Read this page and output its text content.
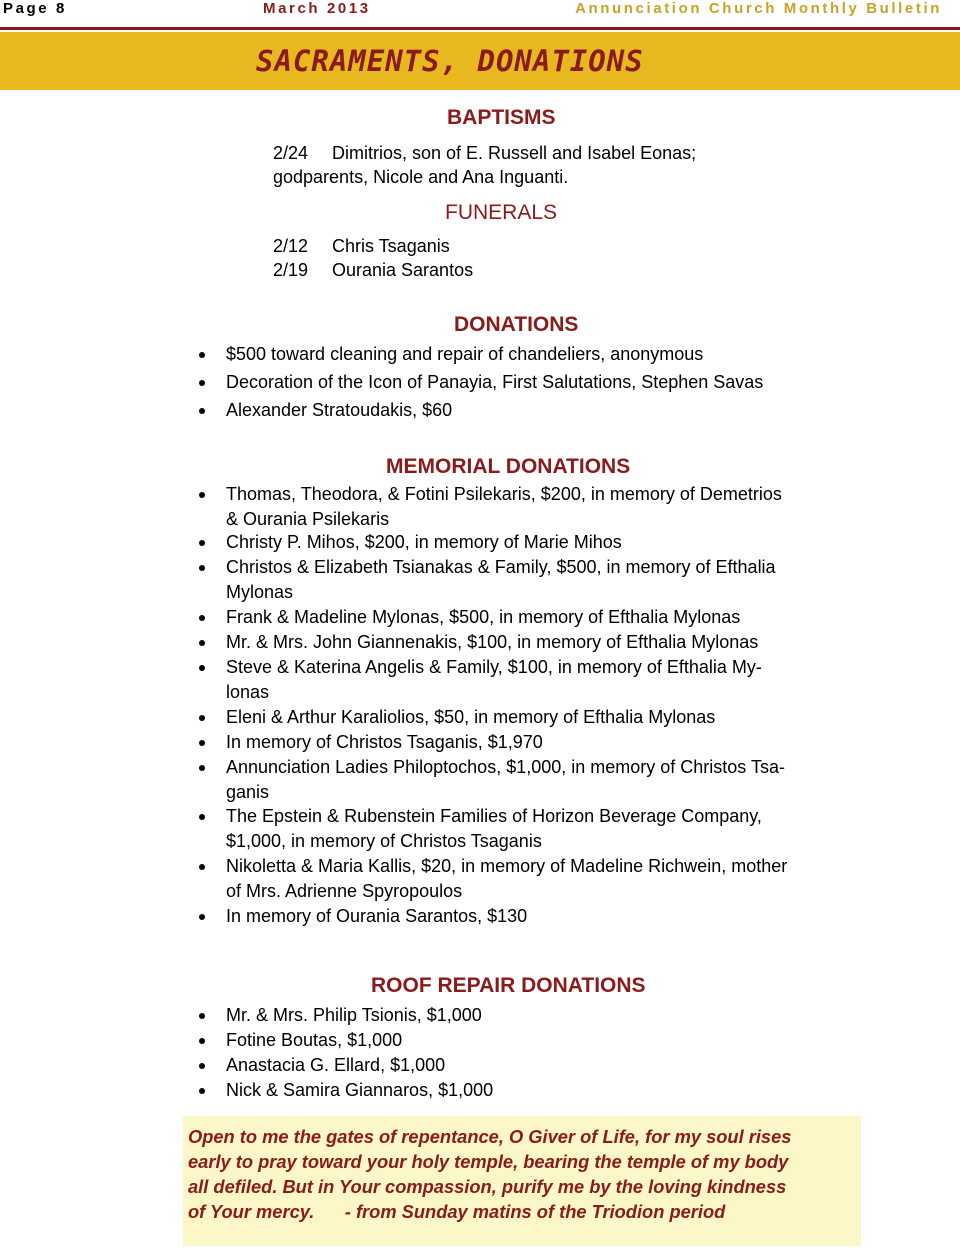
Page 8	March 2013	Annunciation Church Monthly Bulletin
SACRAMENTS, DONATIONS
BAPTISMS
2/24 Dimitrios, son of E. Russell and Isabel Eonas;
godparents, Nicole and Ana Inguanti.
FUNERALS
2/12 Chris Tsaganis
2/19 Ourania Sarantos
DONATIONS
$500 toward cleaning and repair of chandeliers, anonymous
Decoration of the Icon of Panayia, First Salutations, Stephen Savas
Alexander Stratoudakis, $60
MEMORIAL DONATIONS
Thomas, Theodora, & Fotini Psilekaris, $200, in memory of Demetrios
& Ourania Psilekaris
Christy P. Mihos, $200, in memory of Marie Mihos
Christos & Elizabeth Tsianakas & Family, $500, in memory of Efthalia
Mylonas
Frank & Madeline Mylonas, $500, in memory of Efthalia Mylonas
Mr. & Mrs. John Giannenakis, $100, in memory of Efthalia Mylonas
Steve & Katerina Angelis & Family, $100, in memory of Efthalia My-
lonas
Eleni & Arthur Karaliolios, $50, in memory of Efthalia Mylonas
In memory of Christos Tsaganis, $1,970
Annunciation Ladies Philoptochos, $1,000, in memory of Christos Tsa-
ganis
The Epstein & Rubenstein Families of Horizon Beverage Company,
$1,000, in memory of Christos Tsaganis
Nikoletta & Maria Kallis, $20, in memory of Madeline Richwein, mother
of Mrs. Adrienne Spyropoulos
In memory of Ourania Sarantos, $130
ROOF REPAIR DONATIONS
Mr. & Mrs. Philip Tsionis, $1,000
Fotine Boutas, $1,000
Anastacia G. Ellard, $1,000
Nick & Samira Giannaros, $1,000

Open to me the gates of repentance, O Giver of Life, for my soul rises
early to pray toward your holy temple, bearing the temple of my body
all defiled. But in Your compassion, purify me by the loving kindness
of Your mercy.      - from Sunday matins of the Triodion period
